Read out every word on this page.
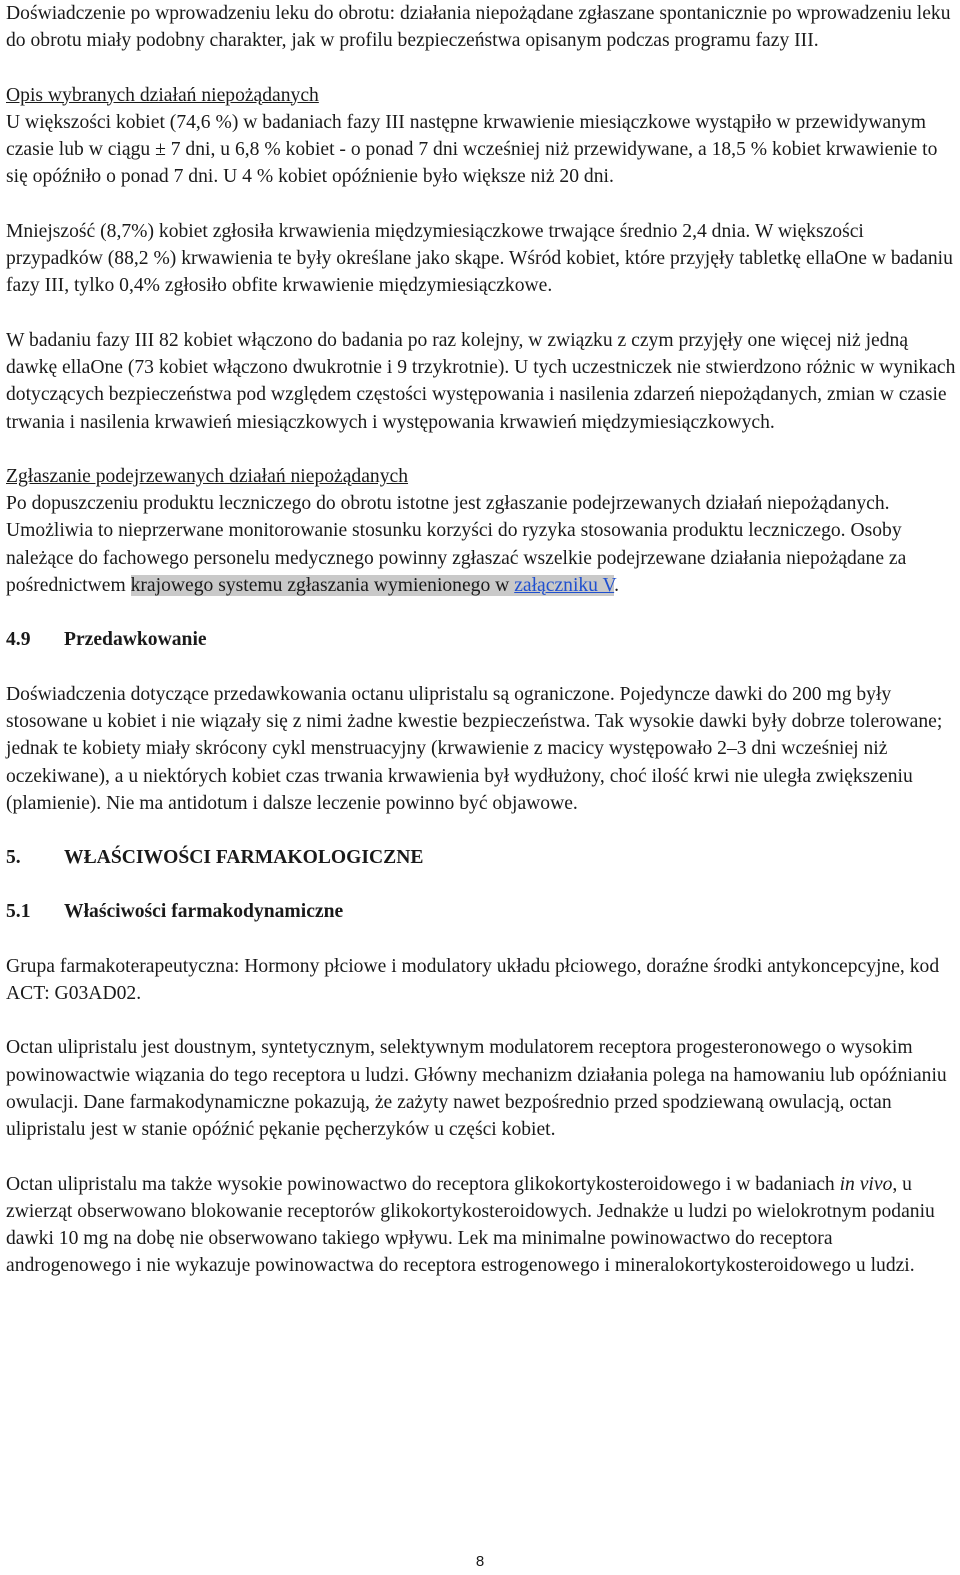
Doświadczenie po wprowadzeniu leku do obrotu: działania niepożądane zgłaszane spontanicznie po wprowadzeniu leku do obrotu miały podobny charakter, jak w profilu bezpieczeństwa opisanym podczas programu fazy III.

Opis wybranych działań niepożądanych

U większości kobiet (74,6 %) w badaniach fazy III następne krwawienie miesiączkowe wystąpiło w przewidywanym czasie lub w ciągu ± 7 dni, u 6,8 % kobiet - o ponad 7 dni wcześniej niż przewidywane, a 18,5 % kobiet krwawienie to się opóźniło o ponad 7 dni. U 4 % kobiet opóźnienie było większe niż 20 dni.

Mniejszość (8,7%) kobiet zgłosiła krwawienia międzymiesiączkowe trwające średnio 2,4 dnia. W większości przypadków (88,2 %) krwawienia te były określane jako skąpe. Wśród kobiet, które przyjęły tabletkę ellaOne w badaniu fazy III, tylko 0,4% zgłosiło obfite krwawienie międzymiesiączkowe.

W badaniu fazy III 82 kobiet włączono do badania po raz kolejny, w związku z czym przyjęły one więcej niż jedną dawkę ellaOne (73 kobiet włączono dwukrotnie i 9 trzykrotnie). U tych uczestniczek nie stwierdzono różnic w wynikach dotyczących bezpieczeństwa pod względem częstości występowania i nasilenia zdarzeń niepożądanych, zmian w czasie trwania i nasilenia krwawień miesiączkowych i występowania krwawień międzymiesiączkowych.

Zgłaszanie podejrzewanych działań niepożądanych

Po dopuszczeniu produktu leczniczego do obrotu istotne jest zgłaszanie podejrzewanych działań niepożądanych. Umożliwia to nieprzerwane monitorowanie stosunku korzyści do ryzyka stosowania produktu leczniczego. Osoby należące do fachowego personelu medycznego powinny zgłaszać wszelkie podejrzewane działania niepożądane za pośrednictwem krajowego systemu zgłaszania wymienionego w załączniku V.

4.9 Przedawkowanie

Doświadczenia dotyczące przedawkowania octanu ulipristalu są ograniczone. Pojedyncze dawki do 200 mg były stosowane u kobiet i nie wiązały się z nimi żadne kwestie bezpieczeństwa. Tak wysokie dawki były dobrze tolerowane; jednak te kobiety miały skrócony cykl menstruacyjny (krwawienie z macicy występowało 2–3 dni wcześniej niż oczekiwane), a u niektórych kobiet czas trwania krwawienia był wydłużony, choć ilość krwi nie uległa zwiększeniu (plamienie). Nie ma antidotum i dalsze leczenie powinno być objawowe.

5. WŁAŚCIWOŚCI FARMAKOLOGICZNE

5.1 Właściwości farmakodynamiczne

Grupa farmakoterapeutyczna: Hormony płciowe i modulatory układu płciowego, doraźne środki antykoncepcyjne, kod ACT: G03AD02.

Octan ulipristalu jest doustnym, syntetycznym, selektywnym modulatorem receptora progesteronowego o wysokim powinowactwie wiązania do tego receptora u ludzi. Główny mechanizm działania polega na hamowaniu lub opóźnianiu owulacji. Dane farmakodynamiczne pokazują, że zażyty nawet bezpośrednio przed spodziewaną owulacją, octan ulipristalu jest w stanie opóźnić pękanie pęcherzyków u części kobiet.

Octan ulipristalu ma także wysokie powinowactwo do receptora glikokortykosteroidowego i w badaniach in vivo, u zwierząt obserwowano blokowanie receptorów glikokortykosteroidowych. Jednakże u ludzi po wielokrotnym podaniu dawki 10 mg na dobę nie obserwowano takiego wpływu. Lek ma minimalne powinowactwo do receptora androgenowego i nie wykazuje powinowactwa do receptora estrogenowego i mineralokortykosteroidowego u ludzi.

8
